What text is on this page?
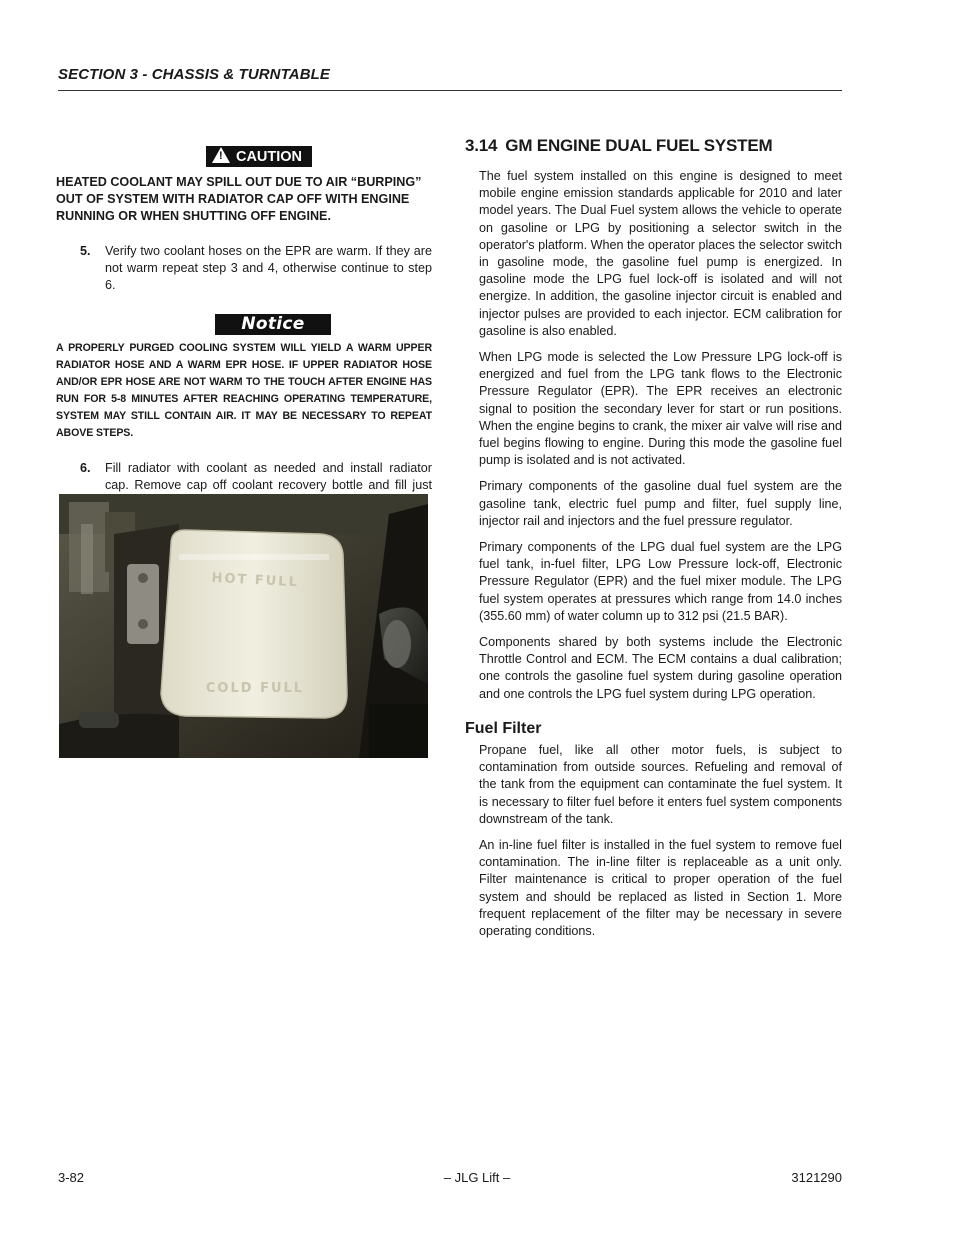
SECTION 3 - CHASSIS & TURNTABLE
!CAUTION
HEATED COOLANT MAY SPILL OUT DUE TO AIR “BURPING” OUT OF SYSTEM WITH RADIATOR CAP OFF WITH ENGINE RUNNING OR WHEN SHUTTING OFF ENGINE.
5. Verify two coolant hoses on the EPR are warm. If they are not warm repeat step 3 and 4, otherwise continue to step 6.
Notice
A PROPERLY PURGED COOLING SYSTEM WILL YIELD A WARM UPPER RADIATOR HOSE AND A WARM EPR HOSE. IF UPPER RADIATOR HOSE AND/OR EPR HOSE ARE NOT WARM TO THE TOUCH AFTER ENGINE HAS RUN FOR 5-8 MINUTES AFTER REACHING OPERATING TEMPERATURE, SYSTEM MAY STILL CONTAIN AIR. IT MAY BE NECESSARY TO REPEAT ABOVE STEPS.
6. Fill radiator with coolant as needed and install radiator cap. Remove cap off coolant recovery bottle and fill just
HOT FULL
COLD FULL
3.14 GM ENGINE DUAL FUEL SYSTEM

The fuel system installed on this engine is designed to meet mobile engine emission standards applicable for 2010 and later model years. The Dual Fuel system allows the vehicle to operate on gasoline or LPG by positioning a selector switch in the operator's platform. When the operator places the selector switch in gasoline mode, the gasoline fuel pump is energized. In gasoline mode the LPG fuel lock-off is isolated and will not energize. In addition, the gasoline injector circuit is enabled and injector pulses are provided to each injector. ECM calibration for gasoline is also enabled.

When LPG mode is selected the Low Pressure LPG lock-off is energized and fuel from the LPG tank flows to the Electronic Pressure Regulator (EPR). The EPR receives an electronic signal to position the secondary lever for start or run positions. When the engine begins to crank, the mixer air valve will rise and fuel begins flowing to engine. During this mode the gasoline fuel pump is isolated and is not activated.

Primary components of the gasoline dual fuel system are the gasoline tank, electric fuel pump and filter, fuel supply line, injector rail and injectors and the fuel pressure regulator.

Primary components of the LPG dual fuel system are the LPG fuel tank, in-fuel filter, LPG Low Pressure lock-off, Electronic Pressure Regulator (EPR) and the fuel mixer module. The LPG fuel system operates at pressures which range from 14.0 inches (355.60 mm) of water column up to 312 psi (21.5 BAR).

Components shared by both systems include the Electronic Throttle Control and ECM. The ECM contains a dual calibration; one controls the gasoline fuel system during gasoline operation and one controls the LPG fuel system during LPG operation.

Fuel Filter

Propane fuel, like all other motor fuels, is subject to contamination from outside sources. Refueling and removal of the tank from the equipment can contaminate the fuel system. It is necessary to filter fuel before it enters fuel system components downstream of the tank.

An in-line fuel filter is installed in the fuel system to remove fuel contamination. The in-line filter is replaceable as a unit only. Filter maintenance is critical to proper operation of the fuel system and should be replaced as listed in Section 1. More frequent replacement of the filter may be necessary in severe operating conditions.

3-82	– JLG Lift –	3121290
